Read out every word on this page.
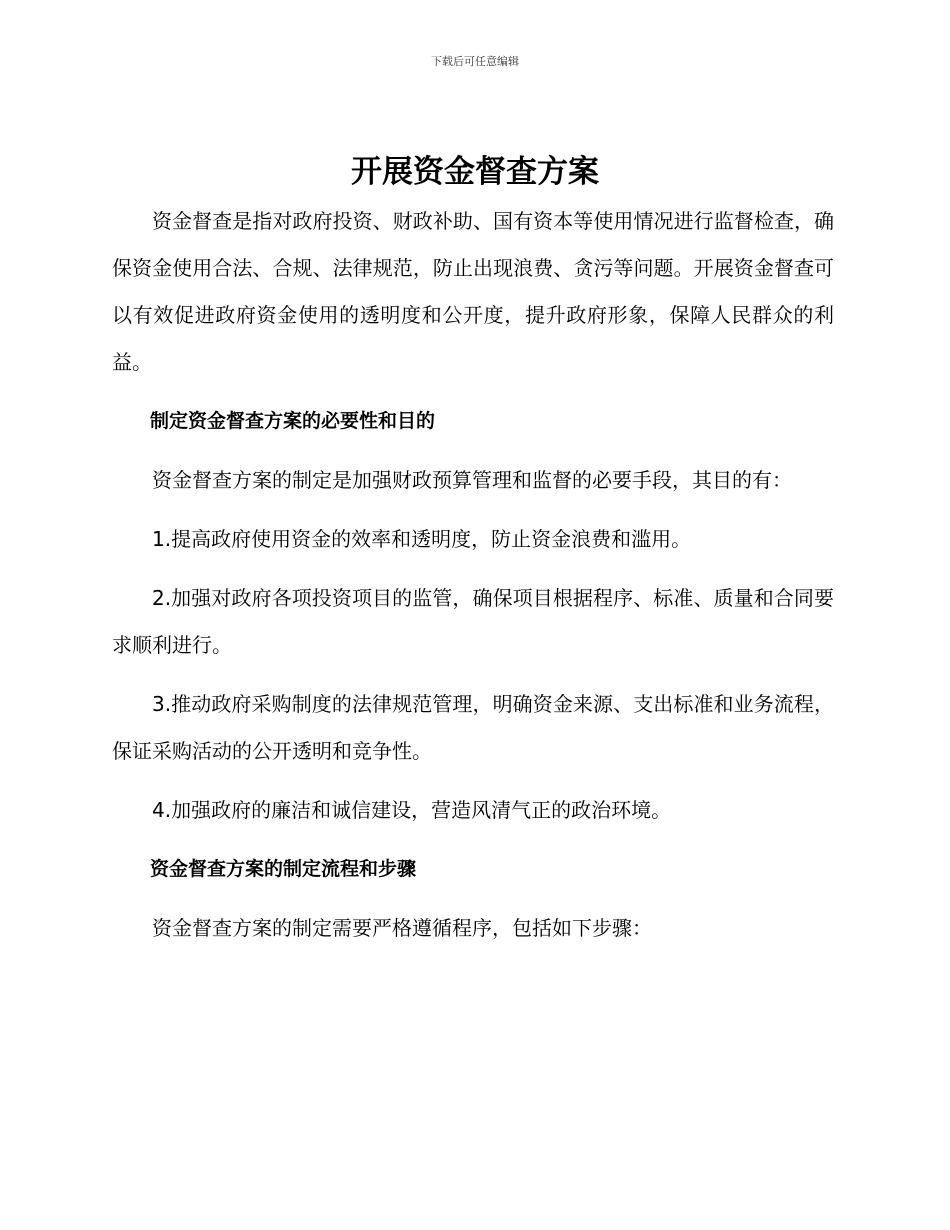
下载后可任意编辑
开展资金督查方案

资金督查是指对政府投资、财政补助、国有资本等使用情况进行监督检查，确保资金使用合法、合规、法律规范，防止出现浪费、贪污等问题。开展资金督查可以有效促进政府资金使用的透明度和公开度，提升政府形象，保障人民群众的利益。

制定资金督查方案的必要性和目的

资金督查方案的制定是加强财政预算管理和监督的必要手段，其目的有：

1.提高政府使用资金的效率和透明度，防止资金浪费和滥用。

2.加强对政府各项投资项目的监管，确保项目根据程序、标准、质量和合同要求顺利进行。

3.推动政府采购制度的法律规范管理，明确资金来源、支出标准和业务流程，保证采购活动的公开透明和竞争性。

4.加强政府的廉洁和诚信建设，营造风清气正的政治环境。

资金督查方案的制定流程和步骤

资金督查方案的制定需要严格遵循程序，包括如下步骤：
